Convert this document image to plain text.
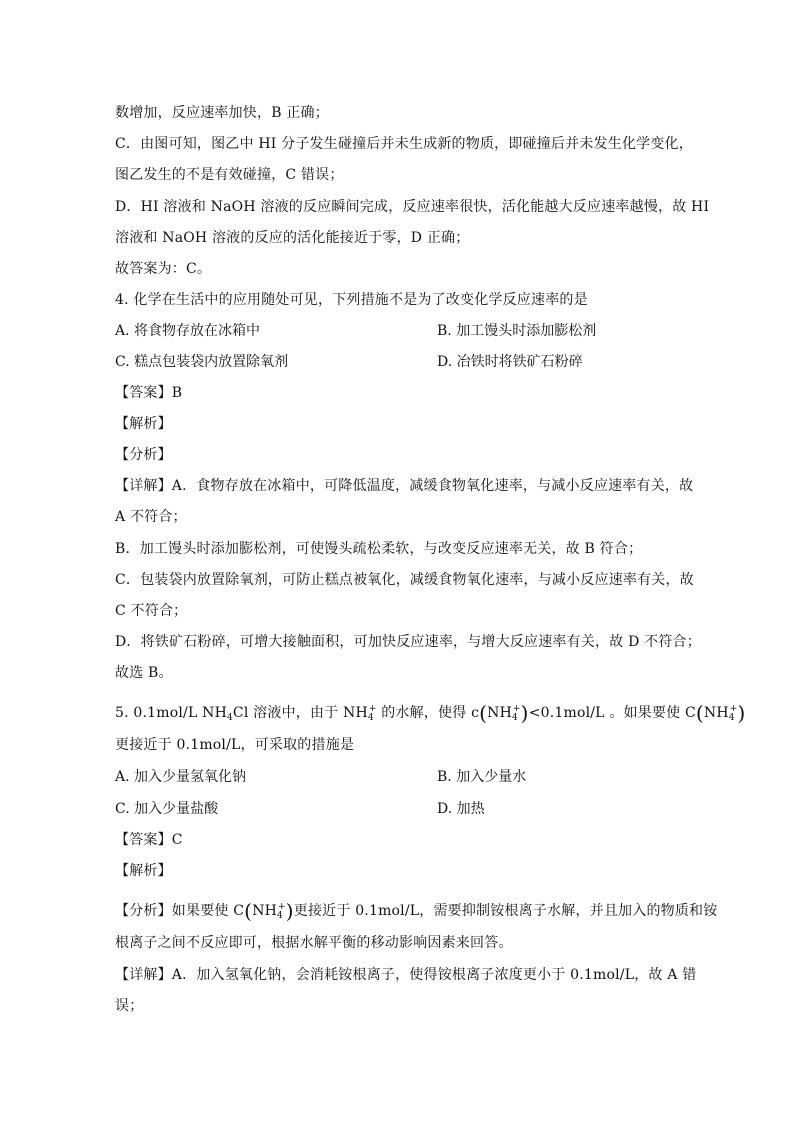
数增加，反应速率加快，B 正确；
C．由图可知，图乙中 HI 分子发生碰撞后并未生成新的物质，即碰撞后并未发生化学变化，
图乙发生的不是有效碰撞，C 错误；
D．HI 溶液和 NaOH 溶液的反应瞬间完成，反应速率很快，活化能越大反应速率越慢，故 HI
溶液和 NaOH 溶液的反应的活化能接近于零，D 正确；
故答案为：C。
4. 化学在生活中的应用随处可见，下列措施不是为了改变化学反应速率的是
A. 将食物存放在冰箱中	B. 加工馒头时添加膨松剂
C. 糕点包装袋内放置除氧剂	D. 冶铁时将铁矿石粉碎
【答案】B
【解析】
【分析】
【详解】A．食物存放在冰箱中，可降低温度，减缓食物氧化速率，与减小反应速率有关，故
A 不符合；
B．加工馒头时添加膨松剂，可使馒头疏松柔软，与改变反应速率无关，故 B 符合；
C．包装袋内放置除氧剂，可防止糕点被氧化，减缓食物氧化速率，与减小反应速率有关，故
C 不符合；
D．将铁矿石粉碎，可增大接触面积，可加快反应速率，与增大反应速率有关，故 D 不符合；
故选 B。
5. 0.1mol/L $NH_4Cl$ 溶液中，由于 $NH_4^+$ 的水解，使得 $c(NH_4^+)<0.1mol/L$ 。如果要使 $C(NH_4^+)$
更接近于 0.1mol/L，可采取的措施是
A. 加入少量氢氧化钠	B. 加入少量水
C. 加入少量盐酸	D. 加热
【答案】C
【解析】
【分析】如果要使 $C(NH_4^+)$更接近于 0.1mol/L，需要抑制铵根离子水解，并且加入的物质和铵
根离子之间不反应即可，根据水解平衡的移动影响因素来回答。
【详解】A．加入氢氧化钠，会消耗铵根离子，使得铵根离子浓度更小于 0.1mol/L，故 A 错
误；
